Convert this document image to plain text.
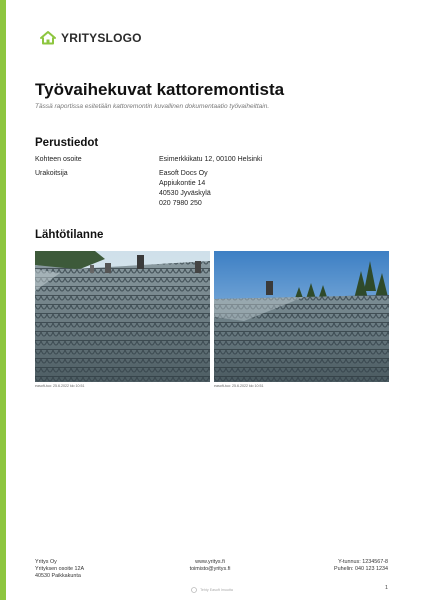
YRITYSLOGO
Työvaihekuvat kattoremontista

Tässä raportissa esitetään kattoremontin kuvallinen dokumentaatio työvaiheittain.

Perustiedot
Kohteen osoite	Esimerkkikatu 12, 00100 Helsinki
Urakoitsija	Easoft Docs Oy
Appiukontie 14
40530 Jyväskylä
020 7980 250
Lähtötilanne
easoft-tuo: 25.6.2022 klo 10:51	easoft-tuo: 25.6.2022 klo 10:51
Yritys Oy
Yrityksen osoite 12A
40530 Paikkakunta
www.yritys.fi
toimisto@yritys.fi
Y-tunnus: 1234567-8
Puhelin: 040 123 1234
Tehty Easoft Imuutta	1
